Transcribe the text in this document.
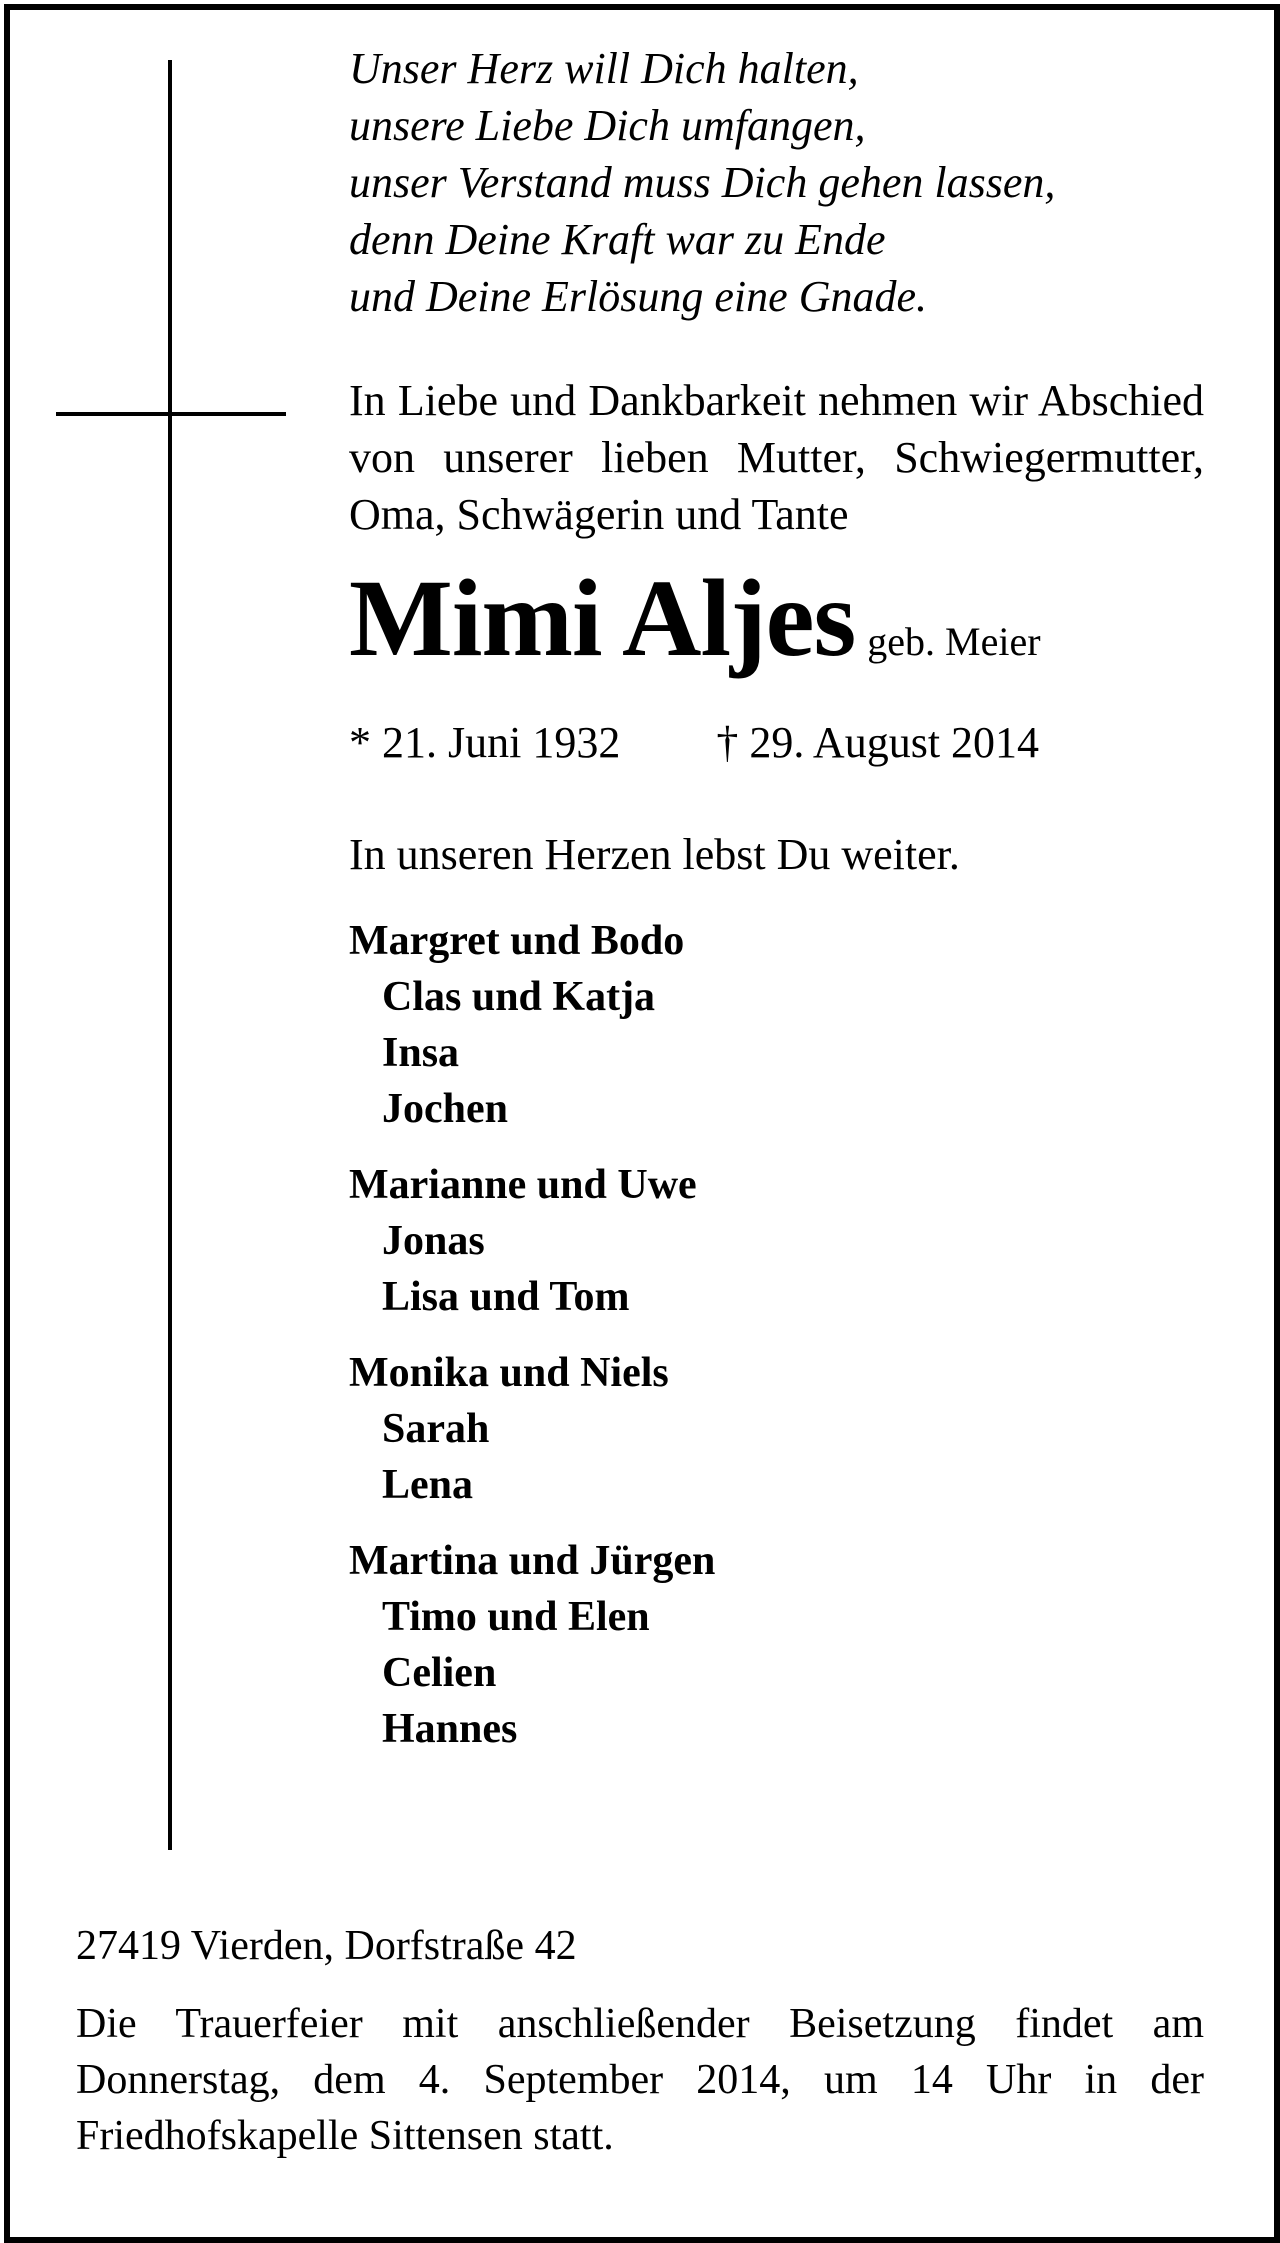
Unser Herz will Dich halten,
unsere Liebe Dich umfangen,
unser Verstand muss Dich gehen lassen,
denn Deine Kraft war zu Ende
und Deine Erlösung eine Gnade.

In Liebe und Dankbarkeit nehmen wir Abschied von unserer lieben Mutter, Schwiegermutter, Oma, Schwägerin und Tante

Mimi Aljes geb. Meier
* 21. Juni 1932 † 29. August 2014
In unseren Herzen lebst Du weiter.
Margret und Bodo
Clas und Katja
Insa
Jochen
Marianne und Uwe
Jonas
Lisa und Tom
Monika und Niels
Sarah
Lena
Martina und Jürgen
Timo und Elen
Celien
Hannes
27419 Vierden, Dorfstraße 42
Die Trauerfeier mit anschließender Beisetzung findet am Donnerstag, dem 4. September 2014, um 14 Uhr in der Friedhofskapelle Sittensen statt.
